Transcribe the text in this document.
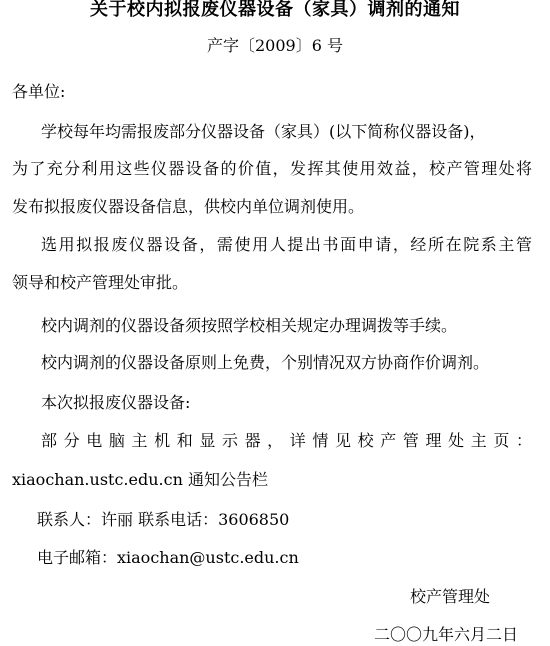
关于校内拟报废仪器设备（家具）调剂的通知
产字〔2009〕6 号
各单位:
学校每年均需报废部分仪器设备（家具）(以下简称仪器设备)，
为了充分利用这些仪器设备的价值，发挥其使用效益，校产管理处将
发布拟报废仪器设备信息，供校内单位调剂使用。
选用拟报废仪器设备，需使用人提出书面申请，经所在院系主管
领导和校产管理处审批。
校内调剂的仪器设备须按照学校相关规定办理调拨等手续。
校内调剂的仪器设备原则上免费，个别情况双方协商作价调剂。
本次拟报废仪器设备:
部分电脑主机和显示器，详情见校产管理处主页：
xiaochan.ustc.edu.cn 通知公告栏
联系人：许丽 联系电话：3606850
电子邮箱：xiaochan@ustc.edu.cn
校产管理处
二〇〇九年六月二日
